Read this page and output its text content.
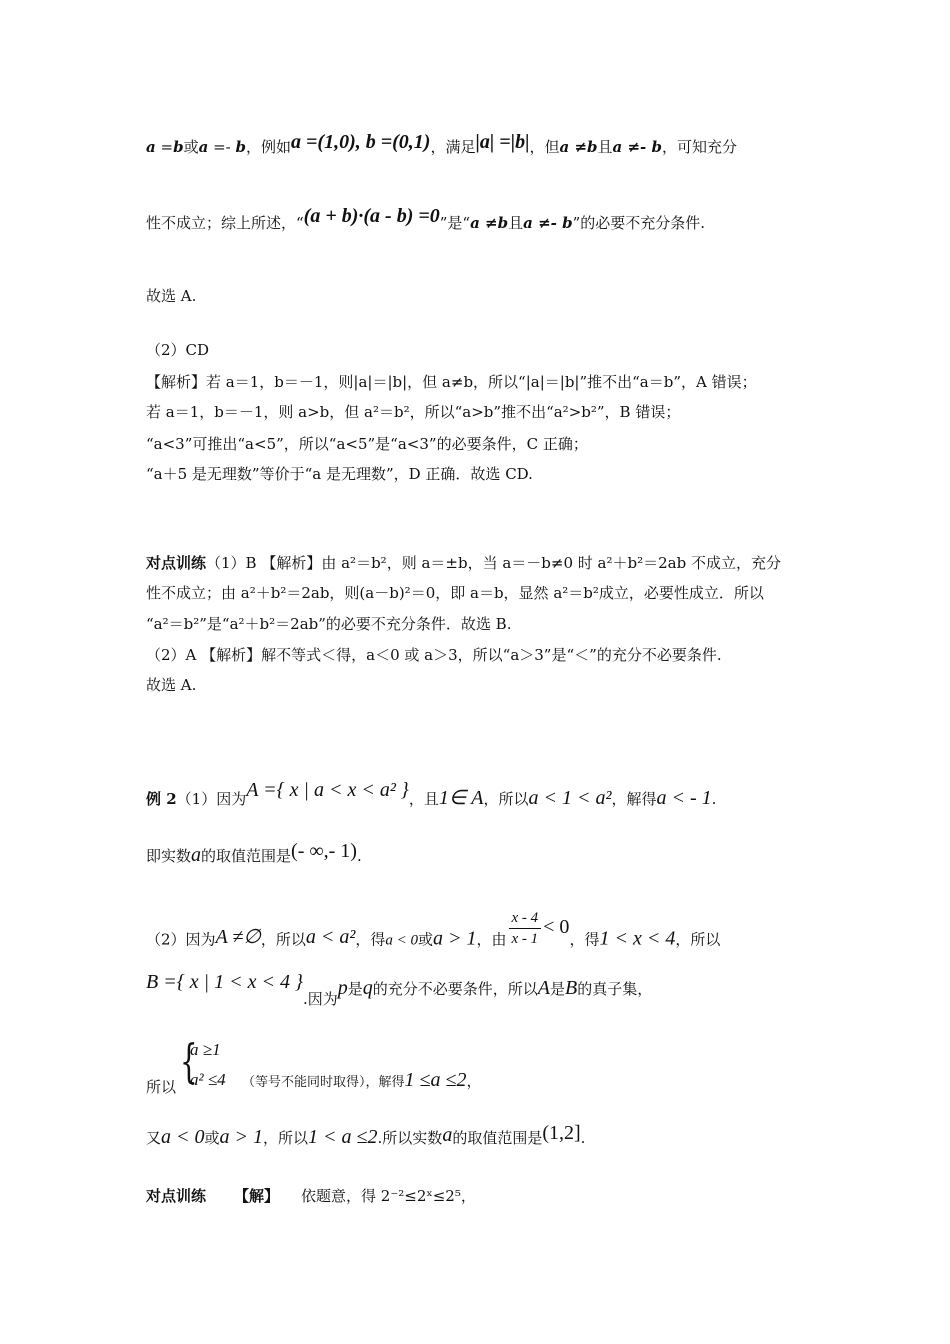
a =b或a =- b，例如a =(1,0), b =(0,1)，满足|a| =|b|，但a ≠b且a ≠- b，可知充分
性不成立；综上所述，“(a + b)·(a - b) =0”是“a ≠b且a ≠- b”的必要不充分条件.
故选 A.
（2）CD
【解析】若 a＝1，b＝－1，则|a|＝|b|，但 a≠b，所以“|a|＝|b|”推不出“a＝b”，A 错误；
若 a＝1，b＝－1，则 a>b，但 a²＝b²，所以“a>b”推不出“a²>b²”，B 错误；
“a<3”可推出“a<5”，所以“a<5”是“a<3”的必要条件，C 正确；
“a＋5 是无理数”等价于“a 是无理数”，D 正确．故选 CD.
对点训练（1）B 【解析】由 a²＝b²，则 a＝±b，当 a＝－b≠0 时 a²＋b²＝2ab 不成立，充分
性不成立；由 a²＋b²＝2ab，则(a－b)²＝0，即 a＝b，显然 a²＝b²成立，必要性成立．所以
“a²＝b²”是“a²＋b²＝2ab”的必要不充分条件．故选 B.
（2）A 【解析】解不等式＜得，a＜0 或 a＞3，所以“a＞3”是“＜”的充分不必要条件.
故选 A.
例 2（1）因为A ={ x | a < x < a² }，且1∈ A，所以a < 1 < a²，解得a < - 1.
即实数a的取值范围是(- ∞,- 1).
（2）因为A ≠∅，所以a < a²，得a < 0或a > 1，由 $\frac{x - 4}{x - 1} < 0$，得1 < x < 4，所以
B ={ x | 1 < x < 4 }.因为p是q的充分不必要条件，所以A是B的真子集，
{
a ≥1
a² ≤4
所以	（等号不能同时取得），解得1 ≤a ≤2，
又a < 0或a > 1，所以1 < a ≤2.所以实数a的取值范围是(1,2].
对点训练 【解】 依题意，得 2⁻²≤2ˣ≤2⁵，
